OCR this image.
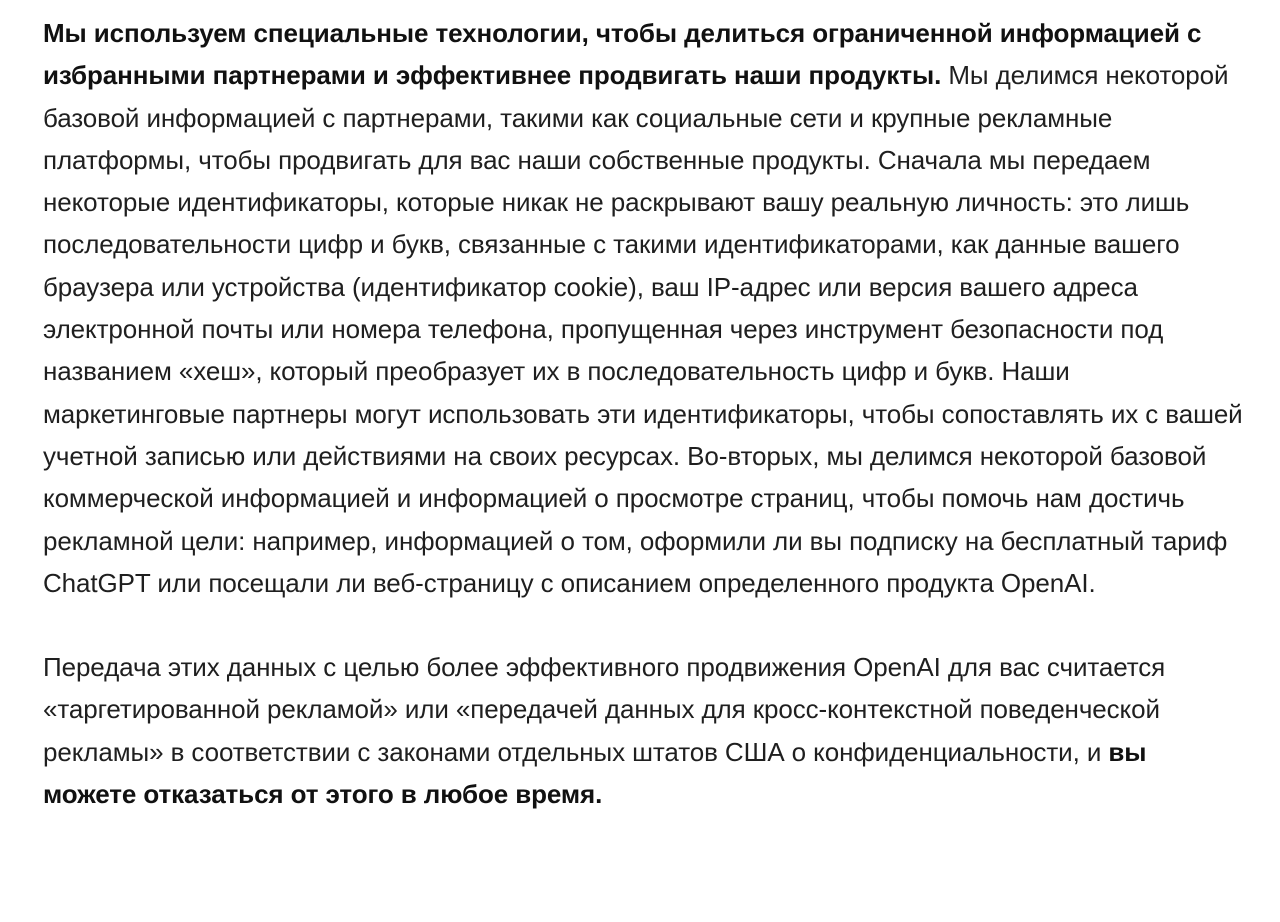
Мы используем специальные технологии, чтобы делиться ограниченной информацией с избранными партнерами и эффективнее продвигать наши продукты. Мы делимся некоторой базовой информацией с партнерами, такими как социальные сети и крупные рекламные платформы, чтобы продвигать для вас наши собственные продукты. Сначала мы передаем некоторые идентификаторы, которые никак не раскрывают вашу реальную личность: это лишь последовательности цифр и букв, связанные с такими идентификаторами, как данные вашего браузера или устройства (идентификатор cookie), ваш IP-адрес или версия вашего адреса электронной почты или номера телефона, пропущенная через инструмент безопасности под названием «хеш», который преобразует их в последовательность цифр и букв. Наши маркетинговые партнеры могут использовать эти идентификаторы, чтобы сопоставлять их с вашей учетной записью или действиями на своих ресурсах. Во-вторых, мы делимся некоторой базовой коммерческой информацией и информацией о просмотре страниц, чтобы помочь нам достичь рекламной цели: например, информацией о том, оформили ли вы подписку на бесплатный тариф ChatGPT или посещали ли веб-страницу с описанием определенного продукта OpenAI.

Передача этих данных с целью более эффективного продвижения OpenAI для вас считается «таргетированной рекламой» или «передачей данных для кросс-контекстной поведенческой рекламы» в соответствии с законами отдельных штатов США о конфиденциальности, и вы можете отказаться от этого в любое время.
